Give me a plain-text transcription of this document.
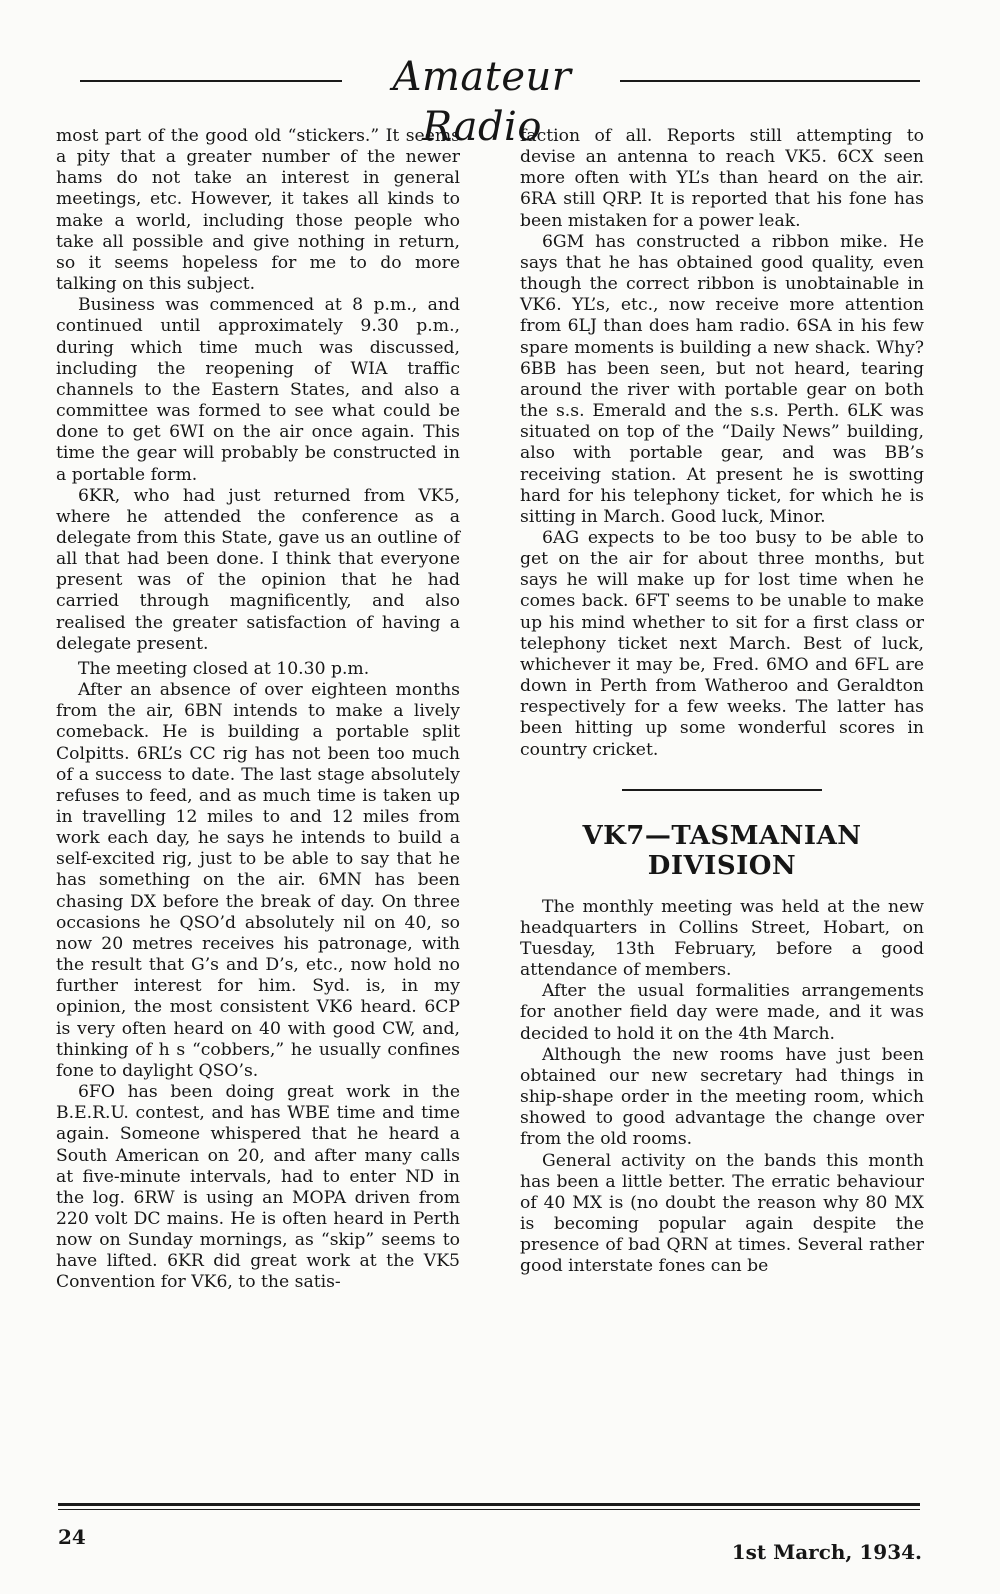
Amateur Radio

most part of the good old “stickers.” It seems a pity that a greater number of the newer hams do not take an interest in general meetings, etc. However, it takes all kinds to make a world, including those people who take all possible and give nothing in return, so it seems hopeless for me to do more talking on this subject.

Business was commenced at 8 p.m., and continued until approximately 9.30 p.m., during which time much was discussed, including the reopening of WIA traffic channels to the Eastern States, and also a committee was formed to see what could be done to get 6WI on the air once again. This time the gear will probably be constructed in a portable form.

6KR, who had just returned from VK5, where he attended the conference as a delegate from this State, gave us an outline of all that had been done. I think that everyone present was of the opinion that he had carried through magnificently, and also realised the greater satisfaction of having a delegate present.

The meeting closed at 10.30 p.m.

After an absence of over eighteen months from the air, 6BN intends to make a lively comeback. He is building a portable split Colpitts. 6RL’s CC rig has not been too much of a success to date. The last stage absolutely refuses to feed, and as much time is taken up in travelling 12 miles to and 12 miles from work each day, he says he intends to build a self-excited rig, just to be able to say that he has something on the air. 6MN has been chasing DX before the break of day. On three occasions he QSO’d absolutely nil on 40, so now 20 metres receives his patronage, with the result that G’s and D’s, etc., now hold no further interest for him. Syd. is, in my opinion, the most consistent VK6 heard. 6CP is very often heard on 40 with good CW, and, thinking of h s “cobbers,” he usually confines fone to daylight QSO’s.

6FO has been doing great work in the B.E.R.U. contest, and has WBE time and time again. Someone whispered that he heard a South American on 20, and after many calls at five-minute intervals, had to enter ND in the log. 6RW is using an MOPA driven from 220 volt DC mains. He is often heard in Perth now on Sunday mornings, as “skip” seems to have lifted. 6KR did great work at the VK5 Convention for VK6, to the satis-

faction of all. Reports still attempting to devise an antenna to reach VK5. 6CX seen more often with YL’s than heard on the air. 6RA still QRP. It is reported that his fone has been mistaken for a power leak.

6GM has constructed a ribbon mike. He says that he has obtained good quality, even though the correct ribbon is unobtainable in VK6. YL’s, etc., now receive more attention from 6LJ than does ham radio. 6SA in his few spare moments is building a new shack. Why? 6BB has been seen, but not heard, tearing around the river with portable gear on both the s.s. Emerald and the s.s. Perth. 6LK was situated on top of the “Daily News” building, also with portable gear, and was BB’s receiving station. At present he is swotting hard for his telephony ticket, for which he is sitting in March. Good luck, Minor.

6AG expects to be too busy to be able to get on the air for about three months, but says he will make up for lost time when he comes back. 6FT seems to be unable to make up his mind whether to sit for a first class or telephony ticket next March. Best of luck, whichever it may be, Fred. 6MO and 6FL are down in Perth from Watheroo and Geraldton respectively for a few weeks. The latter has been hitting up some wonderful scores in country cricket.

VK7—TASMANIAN
DIVISION

The monthly meeting was held at the new headquarters in Collins Street, Hobart, on Tuesday, 13th February, before a good attendance of members.

After the usual formalities arrangements for another field day were made, and it was decided to hold it on the 4th March.

Although the new rooms have just been obtained our new secretary had things in ship-shape order in the meeting room, which showed to good advantage the change over from the old rooms.

General activity on the bands this month has been a little better. The erratic behaviour of 40 MX is (no doubt the reason why 80 MX is becoming popular again despite the presence of bad QRN at times. Several rather good interstate fones can be

24
1st March, 1934.
